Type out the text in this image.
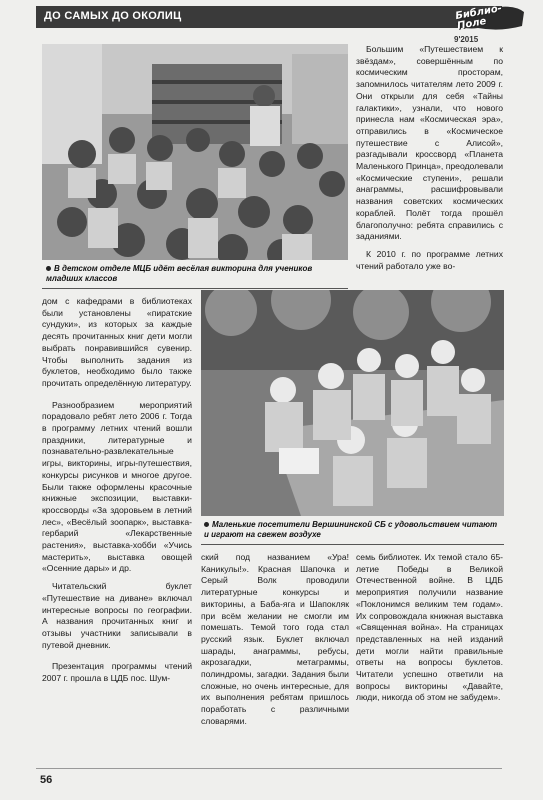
ДО САМЫХ ДО ОКОЛИЦ	Библио-Поле
9'2015
В детском отделе МЦБ идёт весёлая викторина для учеников младших классов

Большим «Путешествием к звёздам», совершённым по космическим просторам, запомнилось читателям лето 2009 г. Они открыли для себя «Тайны галактики», узнали, что нового принесла нам «Космическая эра», отправились в «Космическое путешествие с Алисой», разгадывали кроссворд «Планета Маленького Принца», преодолевали «Космические ступени», решали анаграммы, расшифровывали названия советских космических кораблей. Полёт тогда прошёл благополучно: ребята справились с заданиями.

К 2010 г. по программе летних чтений работало уже во-

дом с кафедрами в библиотеках были установлены «пиратские сундуки», из которых за каждые десять прочитанных книг дети могли выбрать понравившийся сувенир. Чтобы выполнить задания из буклетов, необходимо было также прочитать определённую литературу.

Разнообразием мероприятий порадовало ребят лето 2006 г. Тогда в программу летних чтений вошли праздники, литературные и познавательно-развлекательные игры, викторины, игры-путешествия, конкурсы рисунков и многое другое. Были также оформлены красочные книжные экспозиции, выставки-кроссворды «За здоровьем в летний лес», «Весёлый зоопарк», выставка-гербарий «Лекарственные растения», выставка-хобби «Учись мастерить», выставка овощей «Осенние дары» и др.

Читательский буклет «Путешествие на диване» включал интересные вопросы по географии. А названия прочитанных книг и отзывы участники записывали в путевой дневник.

Презентация программы чтений 2007 г. прошла в ЦДБ пос. Шум-

Маленькие посетители Вершининской СБ с удовольствием читают и играют на свежем воздухе

ский под названием «Ура! Каникулы!». Красная Шапочка и Серый Волк проводили литературные конкурсы и викторины, а Баба-яга и Шапокляк при всём желании не смогли им помешать. Темой того года стал русский язык. Буклет включал шарады, анаграммы, ребусы, акрозагадки, метаграммы, полиндромы, загадки. Задания были сложные, но очень интересные, для их выполнения ребятам пришлось поработать с различными словарями.

семь библиотек. Их темой стало 65-летие Победы в Великой Отечественной войне. В ЦДБ мероприятия получили название «Поклонимся великим тем годам». Их сопровождала книжная выставка «Священная война». На страницах представленных на ней изданий дети могли найти правильные ответы на вопросы буклетов. Читатели успешно ответили на вопросы викторины «Давайте, люди, никогда об этом не забудем».

56
